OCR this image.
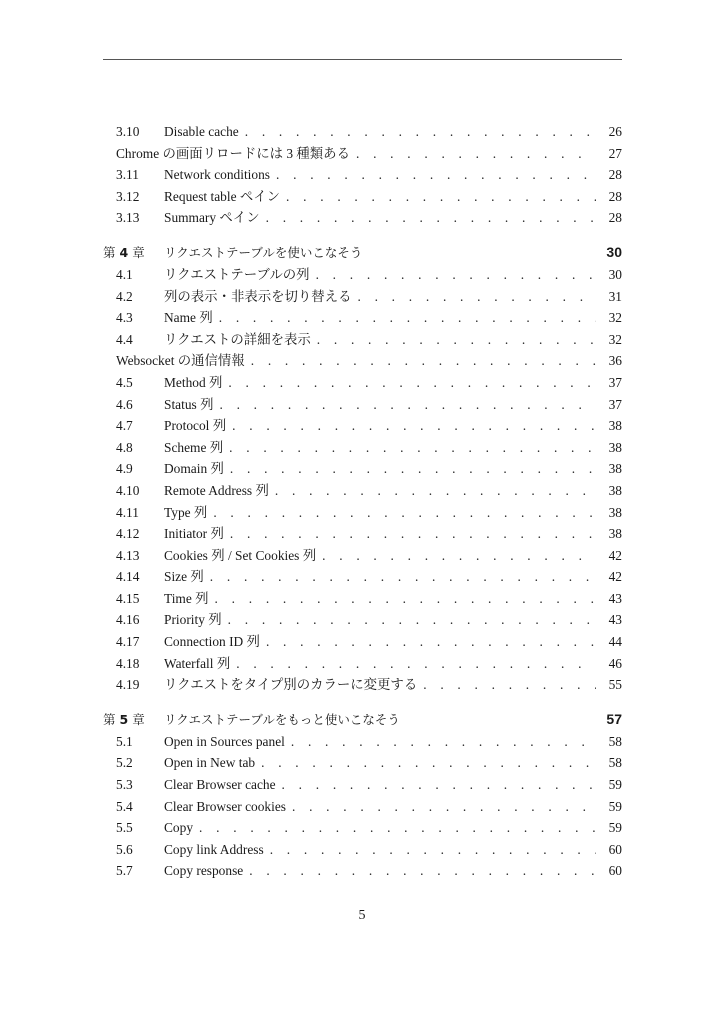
3.10	Disable cache . . .	26
Chrome の画面リロードには 3 種類ある . . .	27
3.11	Network conditions . . .	28
3.12	Request table ペイン . . .	28
3.13	Summary ペイン . . .	28
第 4 章	リクエストテーブルを使いこなそう	30
4.1	リクエストテーブルの列 . . .	30
4.2	列の表示・非表示を切り替える . . .	31
4.3	Name 列 . . .	32
4.4	リクエストの詳細を表示 . . .	32
Websocket の通信情報 . . .	36
4.5	Method 列 . . .	37
4.6	Status 列 . . .	37
4.7	Protocol 列 . . .	38
4.8	Scheme 列 . . .	38
4.9	Domain 列 . . .	38
4.10	Remote Address 列 . . .	38
4.11	Type 列 . . .	38
4.12	Initiator 列 . . .	38
4.13	Cookies 列 / Set Cookies 列 . . .	42
4.14	Size 列 . . .	42
4.15	Time 列 . . .	43
4.16	Priority 列 . . .	43
4.17	Connection ID 列 . . .	44
4.18	Waterfall 列 . . .	46
4.19	リクエストをタイプ別のカラーに変更する . . .	55
第 5 章	リクエストテーブルをもっと使いこなそう	57
5.1	Open in Sources panel . . .	58
5.2	Open in New tab . . .	58
5.3	Clear Browser cache . . .	59
5.4	Clear Browser cookies . . .	59
5.5	Copy . . .	59
5.6	Copy link Address . . .	60
5.7	Copy response . . .	60
5
